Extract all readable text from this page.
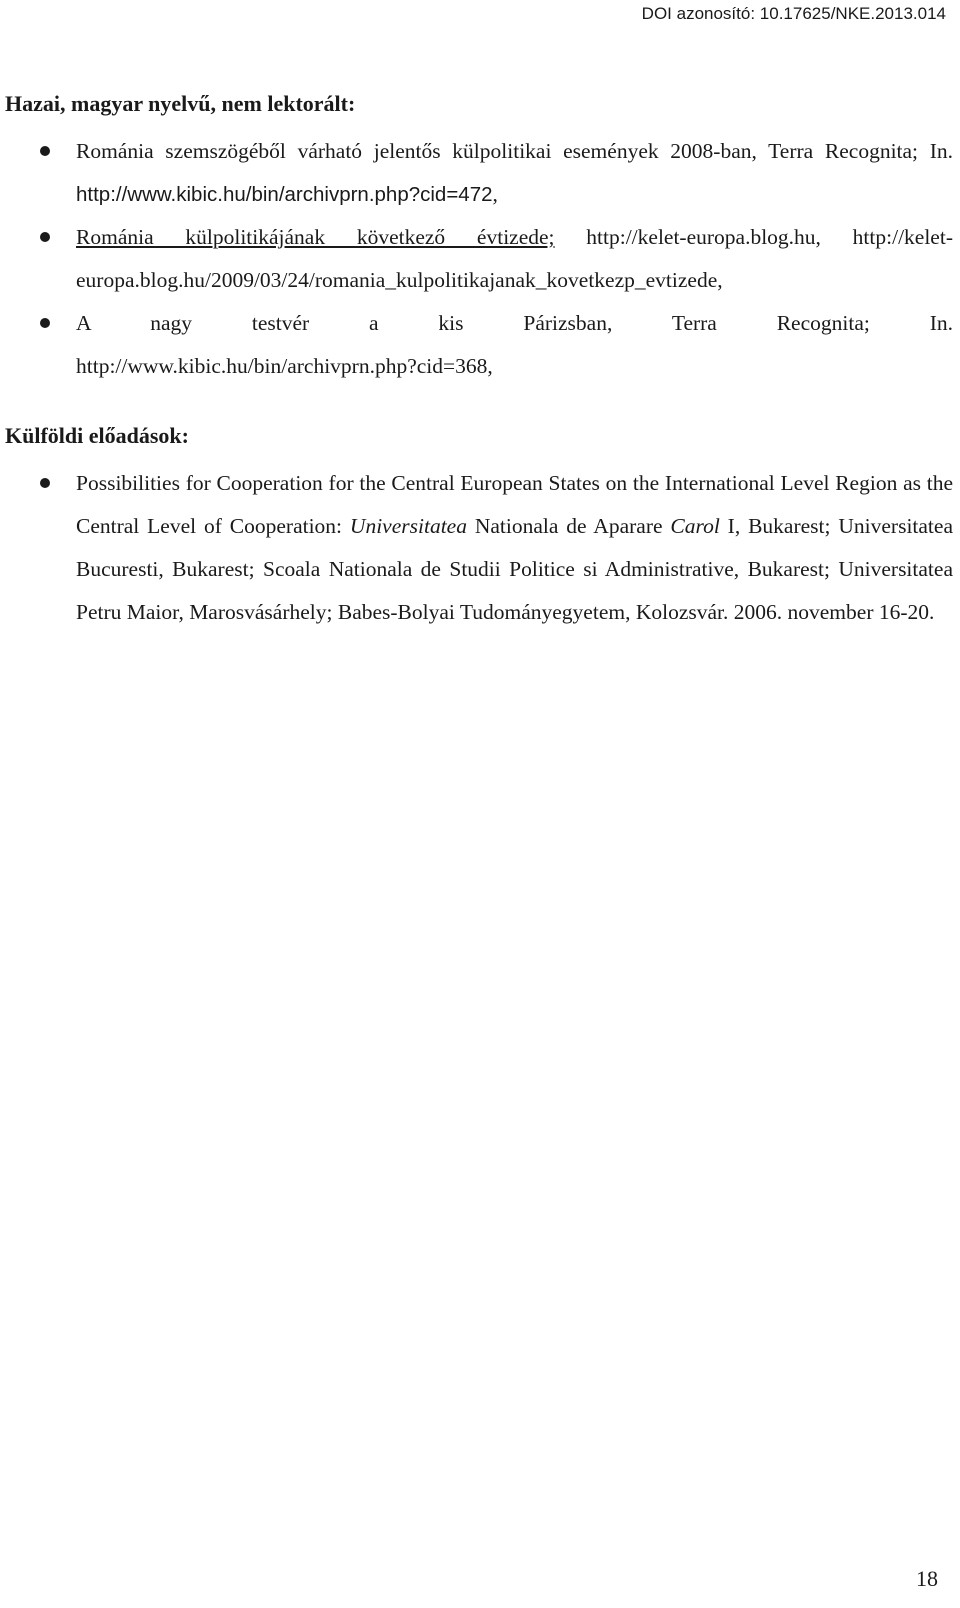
DOI azonosító: 10.17625/NKE.2013.014
Hazai, magyar nyelvű, nem lektorált:
Románia szemszögéből várható jelentős külpolitikai események 2008-ban, Terra Recognita; In. http://www.kibic.hu/bin/archivprn.php?cid=472,
Románia külpolitikájának következő évtizede; http://kelet-europa.blog.hu, http://kelet-europa.blog.hu/2009/03/24/romania_kulpolitikajanak_kovetkezp_evtizede,
A nagy testvér a kis Párizsban, Terra Recognita; In.
http://www.kibic.hu/bin/archivprn.php?cid=368,
Külföldi előadások:
Possibilities for Cooperation for the Central European States on the International Level Region as the Central Level of Cooperation: Universitatea Nationala de Aparare Carol I, Bukarest; Universitatea Bucuresti, Bukarest; Scoala Nationala de Studii Politice si Administrative, Bukarest; Universitatea Petru Maior, Marosvásárhely; Babes-Bolyai Tudományegyetem, Kolozsvár. 2006. november 16-20.
18
